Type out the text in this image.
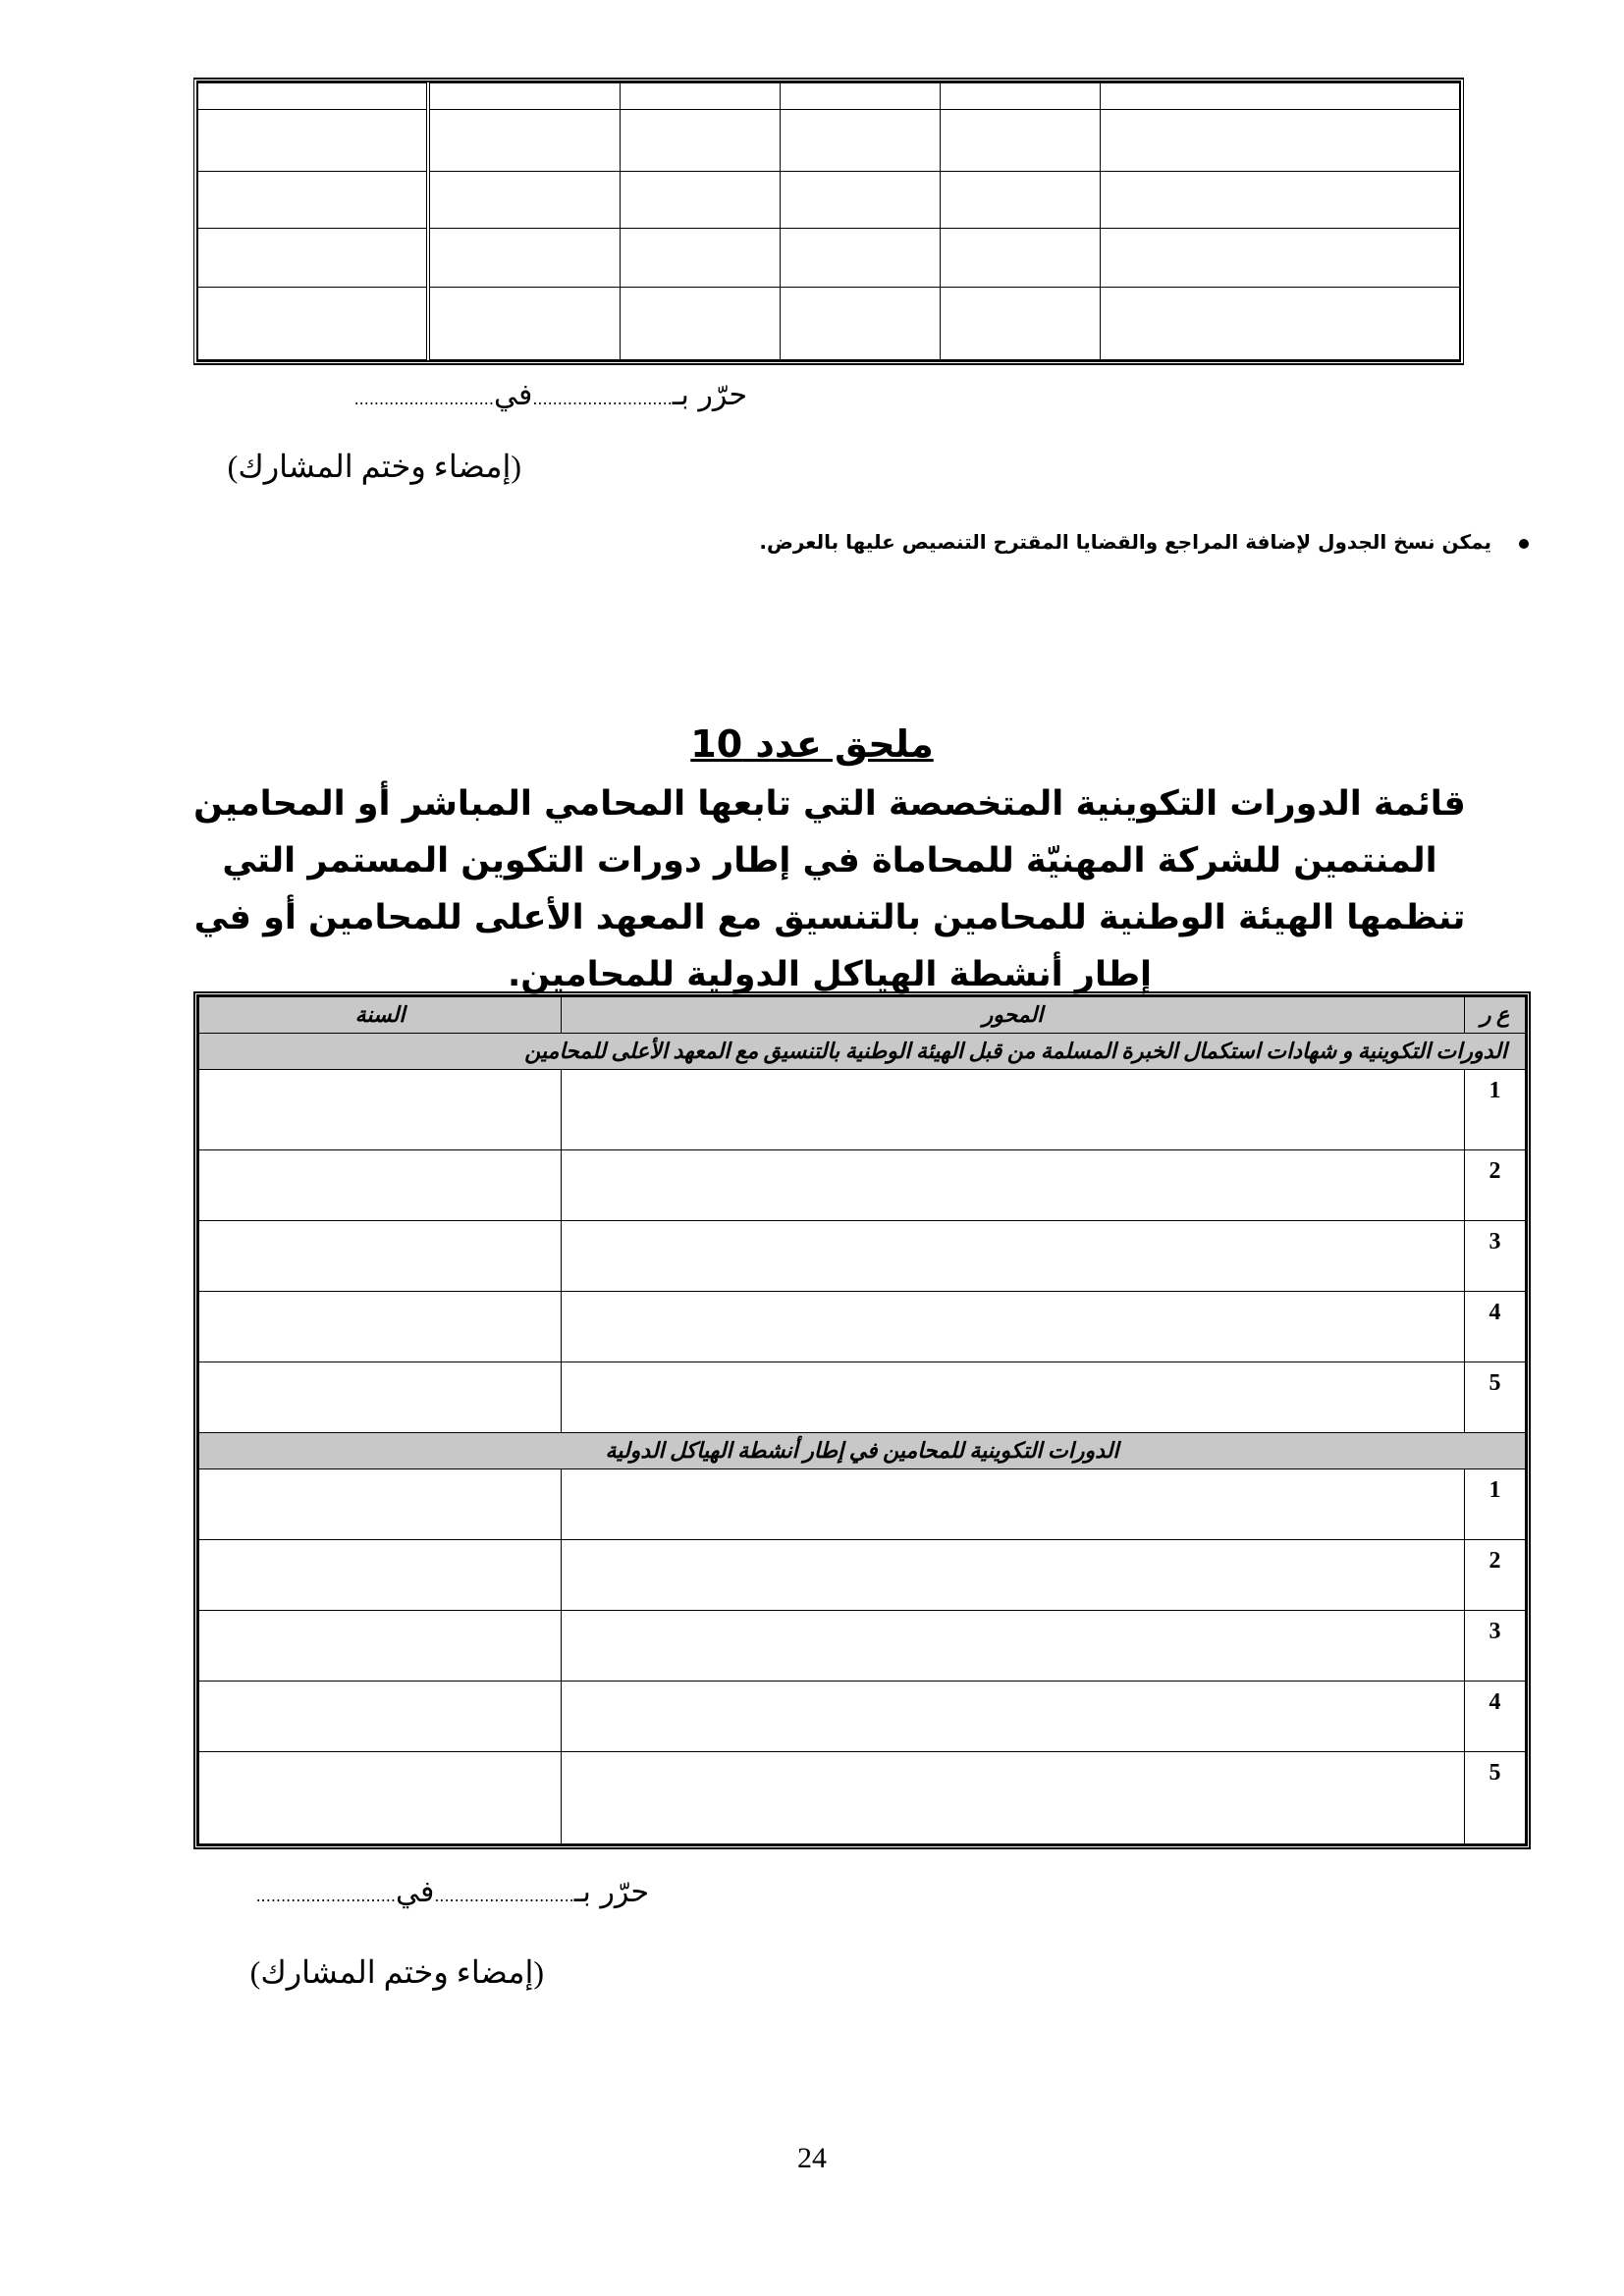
حرّر بـ............................في............................
(إمضاء وختم المشارك)
يمكن نسخ الجدول لإضافة المراجع والقضايا المقترح التنصيص عليها بالعرض.
ملحق عدد 10
قائمة الدورات التكوينية المتخصصة التي تابعها المحامي المباشر أو المحامين المنتمين للشركة المهنيّة للمحاماة في إطار دورات التكوين المستمر التي تنظمها الهيئة الوطنية للمحامين بالتنسيق مع المعهد الأعلى للمحامين أو في إطار أنشطة الهياكل الدولية للمحامين.
ع ر	المحور	السنة
الدورات التكوينية و شهادات استكمال الخبرة المسلمة من قبل الهيئة الوطنية بالتنسيق مع المعهد الأعلى للمحامين		
1		
2		
3		
4		
5		
الدورات التكوينية للمحامين في إطار أنشطة الهياكل الدولية		
1		
2		
3		
4		
5		
حرّر بـ............................في............................
(إمضاء وختم المشارك)
24
